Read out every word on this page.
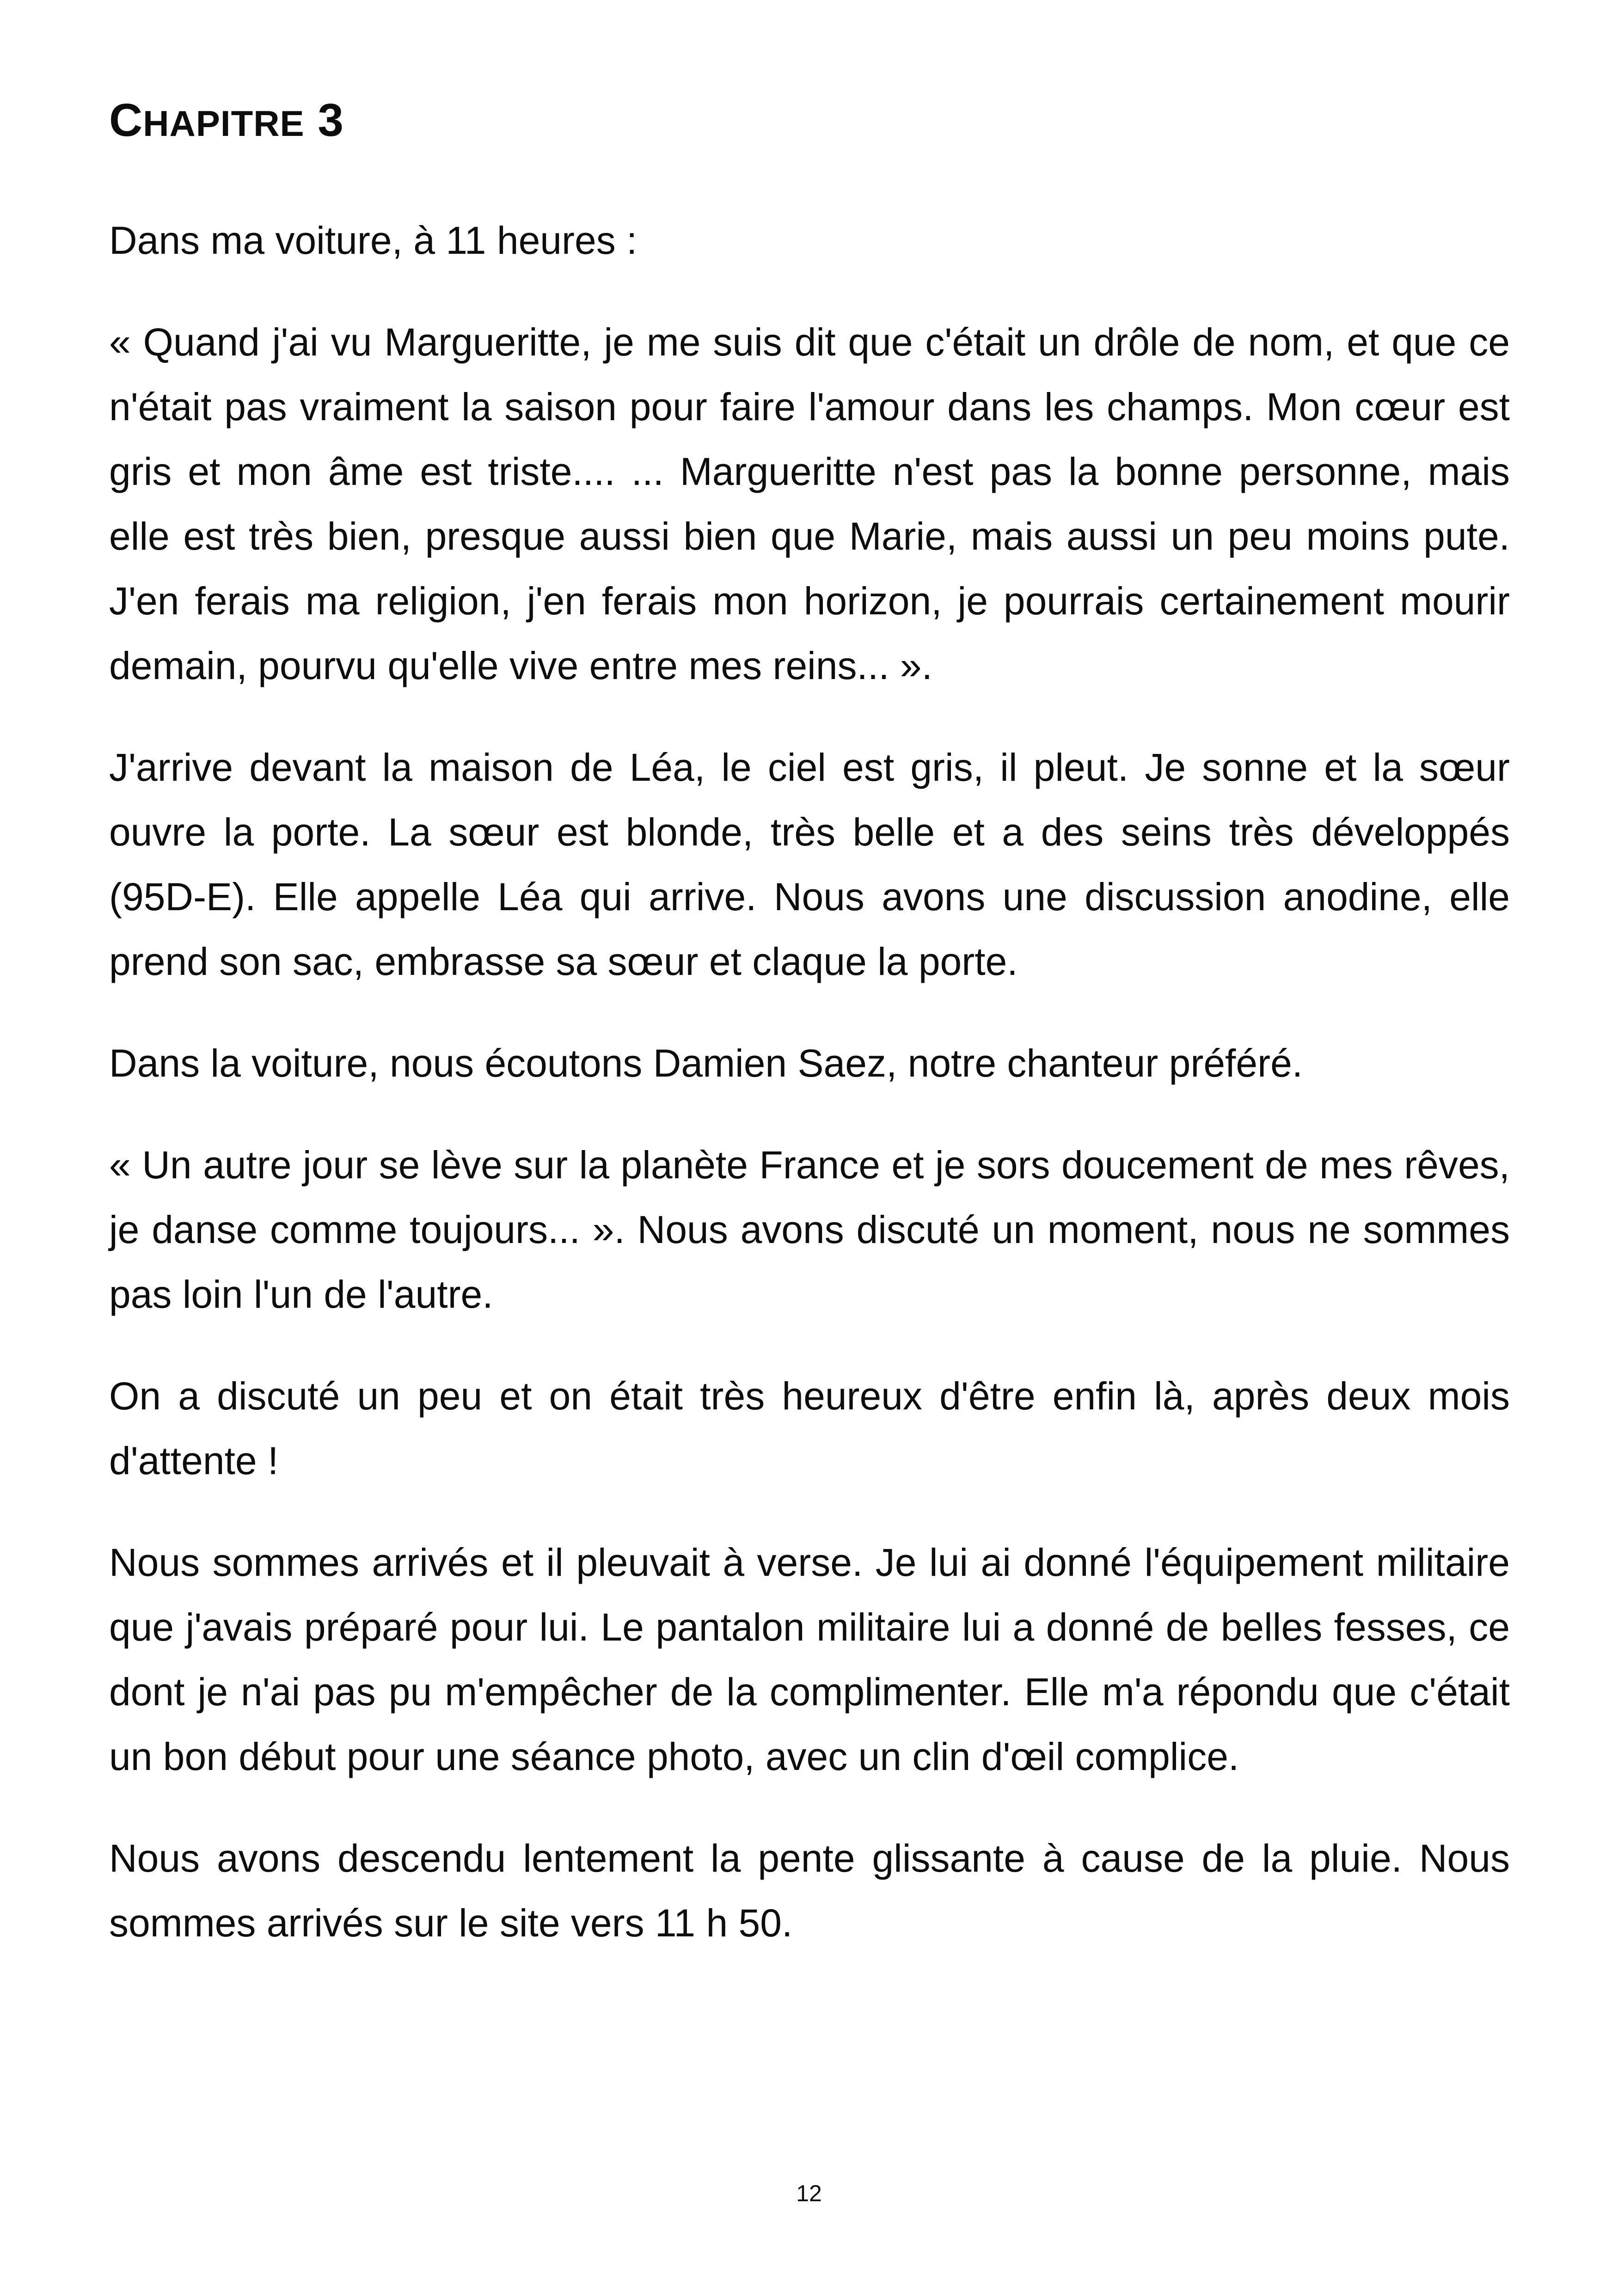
CHAPITRE 3

Dans ma voiture, à 11 heures :

« Quand j'ai vu Margueritte, je me suis dit que c'était un drôle de nom, et que ce n'était pas vraiment la saison pour faire l'amour dans les champs. Mon cœur est gris et mon âme est triste.... ... Margueritte n'est pas la bonne personne, mais elle est très bien, presque aussi bien que Marie, mais aussi un peu moins pute. J'en ferais ma religion, j'en ferais mon horizon, je pourrais certainement mourir demain, pourvu qu'elle vive entre mes reins... ».

J'arrive devant la maison de Léa, le ciel est gris, il pleut. Je sonne et la sœur ouvre la porte. La sœur est blonde, très belle et a des seins très développés (95D-E). Elle appelle Léa qui arrive. Nous avons une discussion anodine, elle prend son sac, embrasse sa sœur et claque la porte.

Dans la voiture, nous écoutons Damien Saez, notre chanteur préféré.

« Un autre jour se lève sur la planète France et je sors doucement de mes rêves, je danse comme toujours... ». Nous avons discuté un moment, nous ne sommes pas loin l'un de l'autre.

On a discuté un peu et on était très heureux d'être enfin là, après deux mois d'attente !

Nous sommes arrivés et il pleuvait à verse. Je lui ai donné l'équipement militaire que j'avais préparé pour lui. Le pantalon militaire lui a donné de belles fesses, ce dont je n'ai pas pu m'empêcher de la complimenter. Elle m'a répondu que c'était un bon début pour une séance photo, avec un clin d'œil complice.

Nous avons descendu lentement la pente glissante à cause de la pluie. Nous sommes arrivés sur le site vers 11 h 50.

12
